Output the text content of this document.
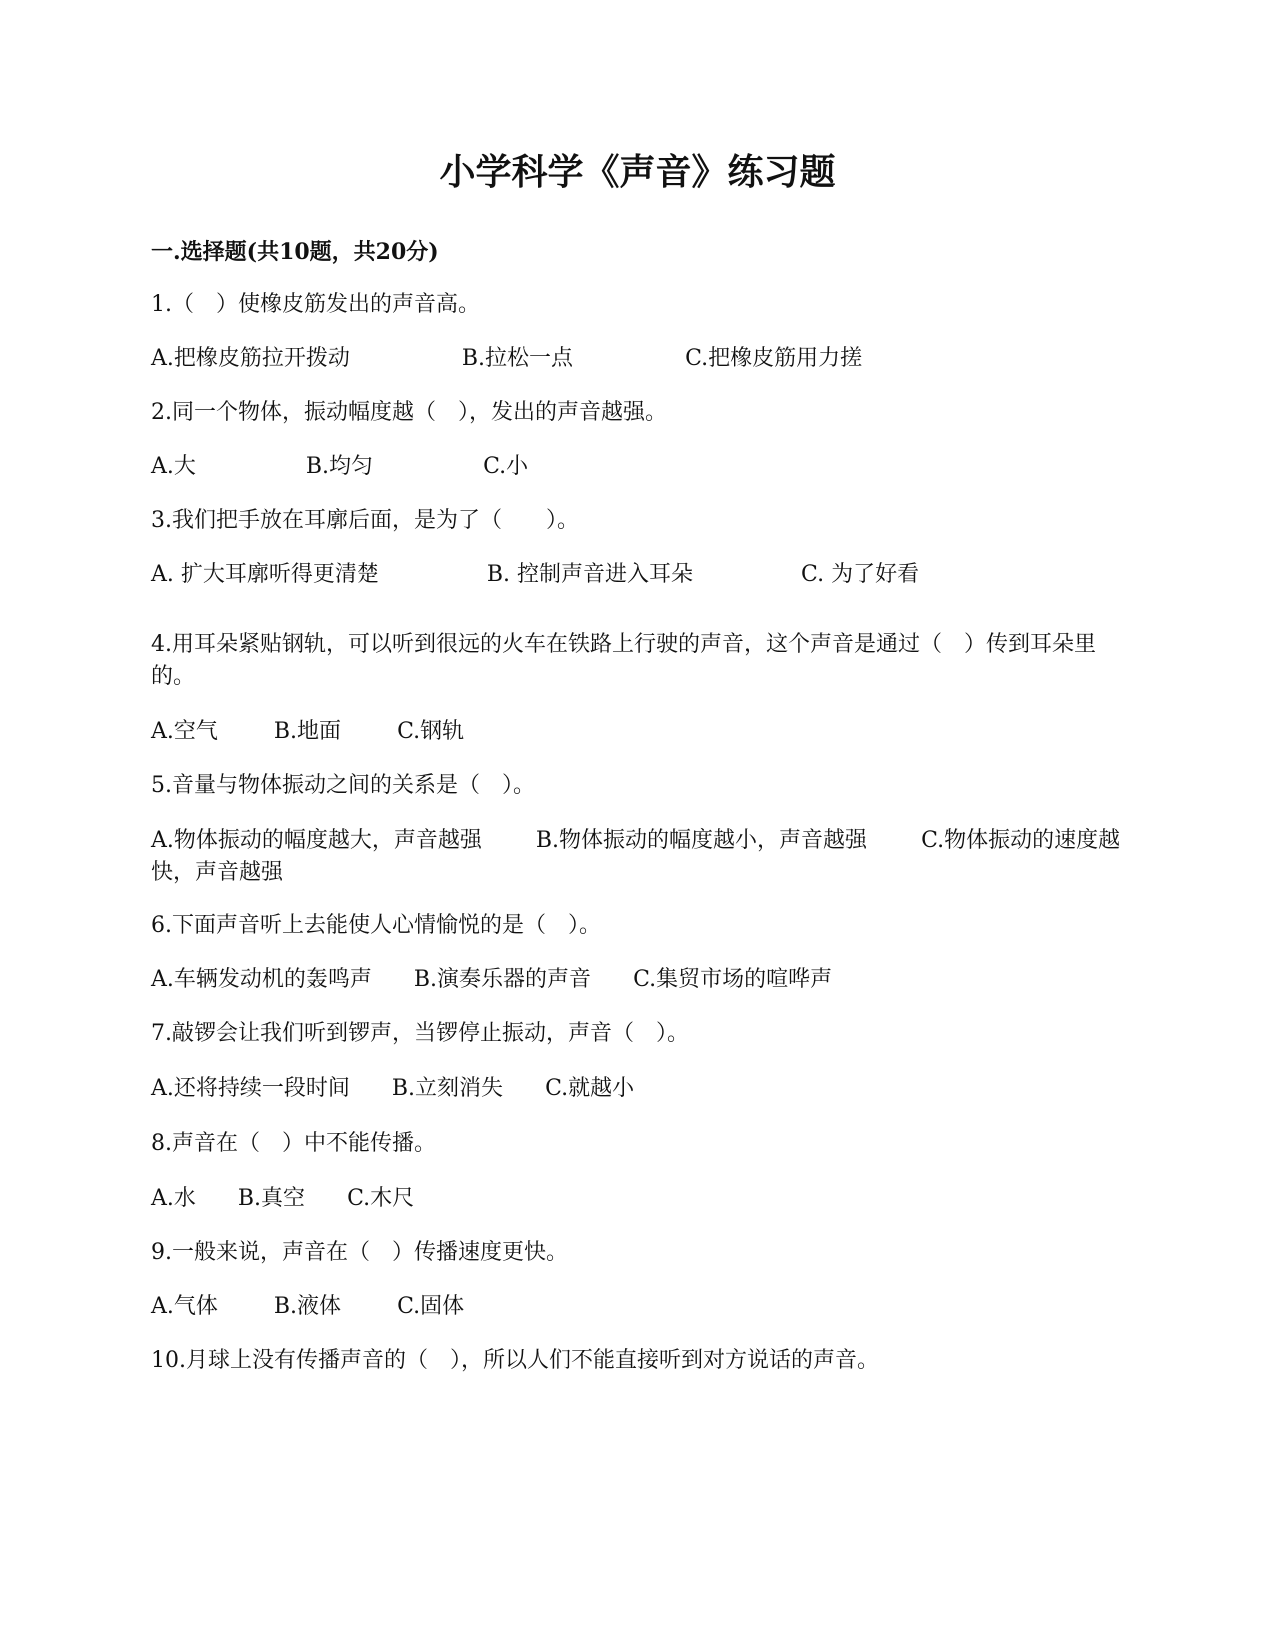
小学科学《声音》练习题
一.选择题(共10题，共20分)
1.（　）使橡皮筋发出的声音高。
A.把橡皮筋拉开拨动	B.拉松一点	C.把橡皮筋用力搓
2.同一个物体，振动幅度越（　），发出的声音越强。
A.大	B.均匀	C.小
3.我们把手放在耳廓后面，是为了（　　）。
A. 扩大耳廓听得更清楚	B. 控制声音进入耳朵	C. 为了好看
4.用耳朵紧贴钢轨，可以听到很远的火车在铁路上行驶的声音，这个声音是通过（　）传到耳朵里的。
A.空气	B.地面	C.钢轨
5.音量与物体振动之间的关系是（　）。
A.物体振动的幅度越大，声音越强 B.物体振动的幅度越小，声音越强 C.物体振动的速度越快，声音越强
6.下面声音听上去能使人心情愉悦的是（　）。
A.车辆发动机的轰鸣声 B.演奏乐器的声音 C.集贸市场的喧哗声
7.敲锣会让我们听到锣声，当锣停止振动，声音（　）。
A.还将持续一段时间 B.立刻消失 C.就越小
8.声音在（　）中不能传播。
A.水 B.真空 C.木尺
9.一般来说，声音在（　）传播速度更快。
A.气体	B.液体	C.固体
10.月球上没有传播声音的（　），所以人们不能直接听到对方说话的声音。
